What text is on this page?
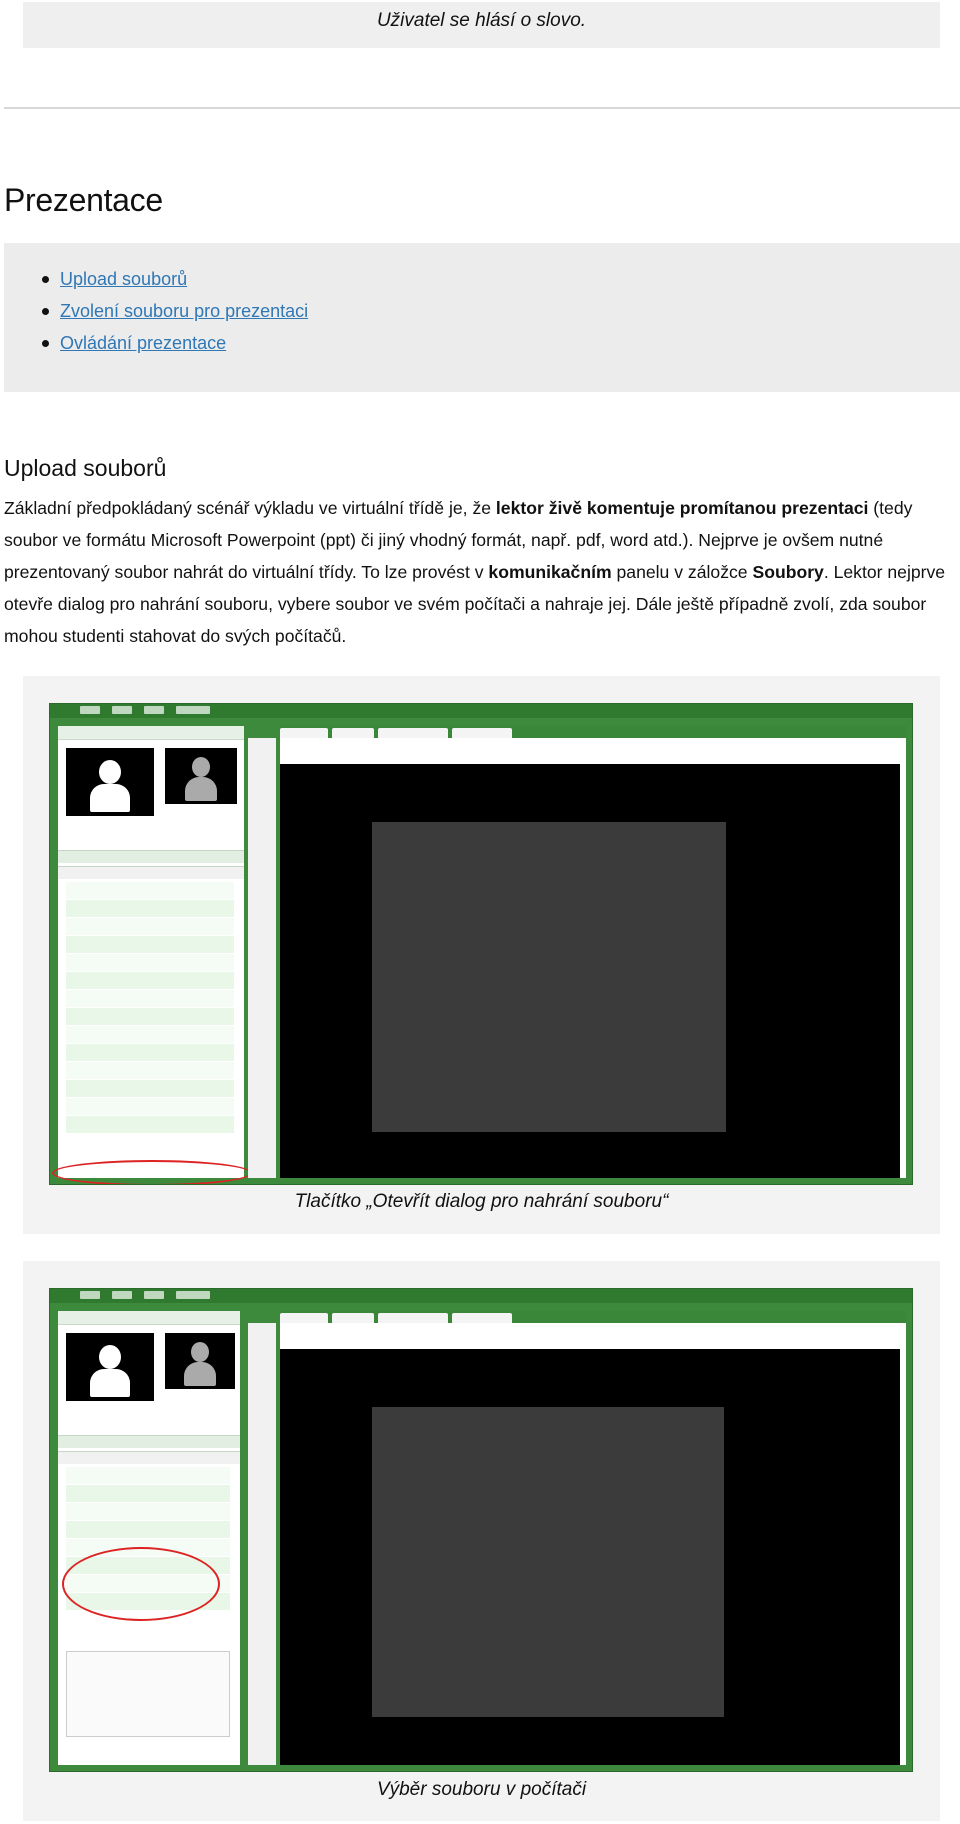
Uživatel se hlásí o slovo.
Prezentace
Upload souborů
Zvolení souboru pro prezentaci
Ovládání prezentace
Upload souborů

Základní předpokládaný scénář výkladu ve virtuální třídě je, že lektor živě komentuje promítanou prezentaci (tedy soubor ve formátu Microsoft Powerpoint (ppt) či jiný vhodný formát, např. pdf, word atd.). Nejprve je ovšem nutné prezentovaný soubor nahrát do virtuální třídy. To lze provést v komunikačním panelu v záložce Soubory. Lektor nejprve otevře dialog pro nahrání souboru, vybere soubor ve svém počítači a nahraje jej. Dále ještě případně zvolí, zda soubor mohou studenti stahovat do svých počítačů.

Tlačítko „Otevřít dialog pro nahrání souboru“
Výběr souboru v počítači
